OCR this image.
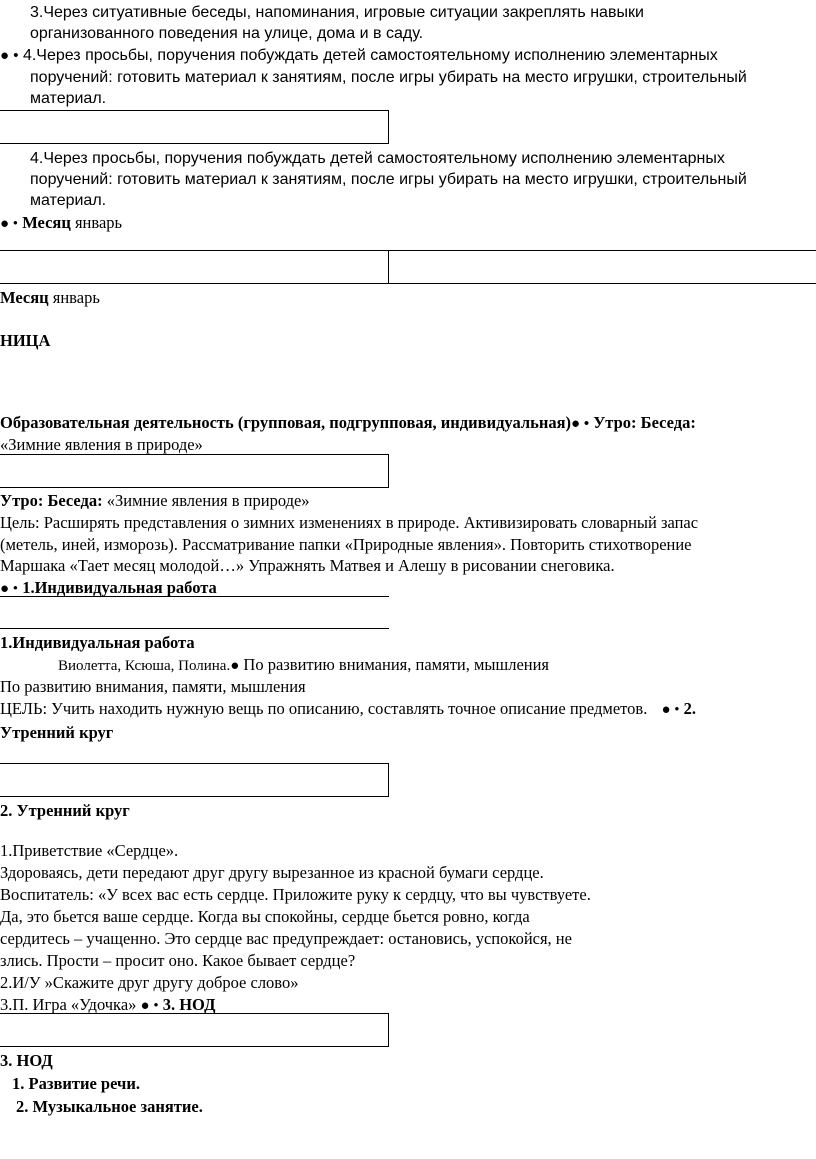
3.Через ситуативные беседы, напоминания, игровые ситуации закреплять навыки
организованного поведения на улице, дома и в саду.
● • 4.Через просьбы, поручения побуждать детей самостоятельному исполнению элементарных
поручений: готовить материал к занятиям, после игры убирать на место игрушки, строительный
материал.
4.Через просьбы, поручения побуждать детей самостоятельному исполнению элементарных
поручений: готовить материал к занятиям, после игры убирать на место игрушки, строительный
материал.
● • Месяц январь
Месяц январь
НИЦА
Образовательная деятельность (групповая, подгрупповая, индивидуальная)● • Утро: Беседа:
«Зимние явления в природе»
Утро: Беседа: «Зимние явления в природе»
Цель: Расширять представления о зимних изменениях в природе. Активизировать словарный запас
(метель, иней, изморозь). Рассматривание папки «Природные явления». Повторить стихотворение
Маршака «Тает месяц молодой…» Упражнять Матвея и Алешу в рисовании снеговика.
● • 1.Индивидуальная работа
1.Индивидуальная работа
Виолетта, Ксюша, Полина.● По развитию внимания, памяти, мышления
По развитию внимания, памяти, мышления
ЦЕЛЬ: Учить находить нужную вещь по описанию, составлять точное описание предметов. ● • 2.
Утренний круг
2. Утренний круг
1.Приветствие «Сердце».
Здороваясь, дети передают друг другу вырезанное из красной бумаги сердце.
Воспитатель: «У всех вас есть сердце. Приложите руку к сердцу, что вы чувствуете.
Да, это бьется ваше сердце. Когда вы спокойны, сердце бьется ровно, когда
сердитесь – учащенно. Это сердце вас предупреждает: остановись, успокойся, не
злись. Прости – просит оно. Какое бывает сердце?
2.И/У »Скажите друг другу доброе слово»
3.П. Игра «Удочка» ● • 3. НОД
3. НОД
1. Развитие речи.
2. Музыкальное занятие.
